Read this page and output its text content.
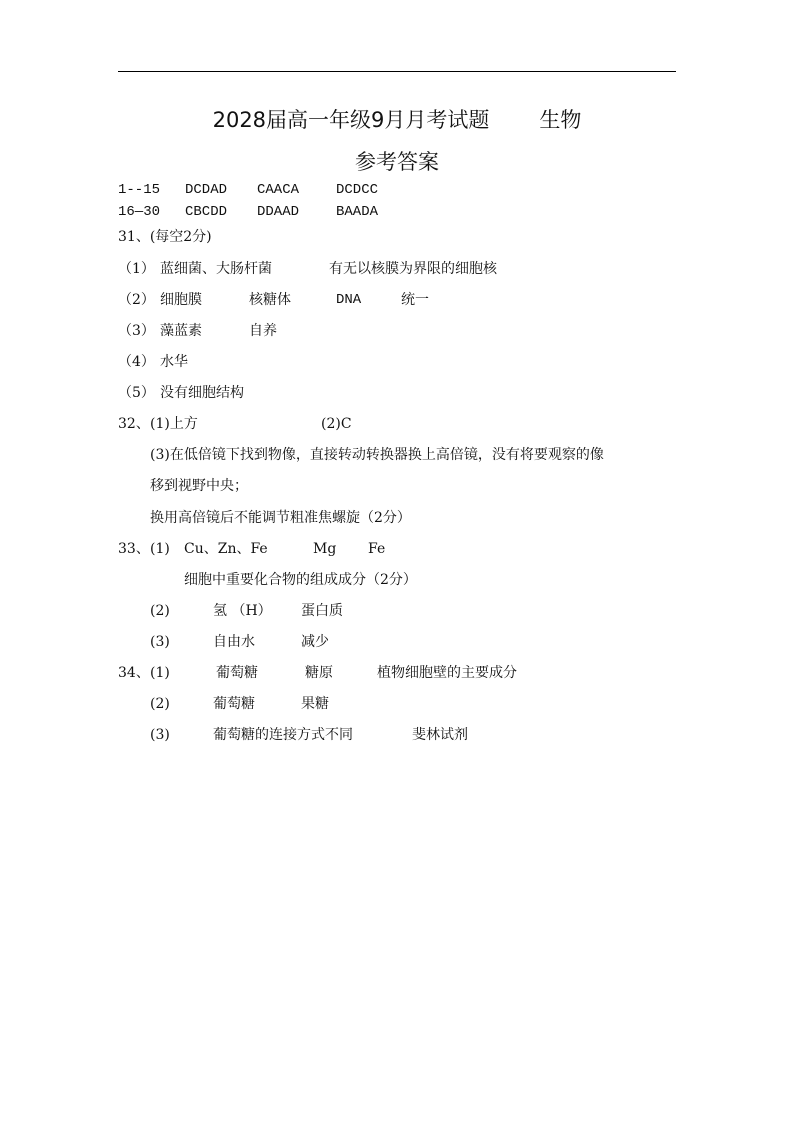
2028届高一年级9月月考试题 生物
参考答案
1--15 DCDAD CAACA	DCDCC
16—30 CBCDD DDAAD	BAADA
31、(每空2分)
（1） 蓝细菌、大肠杆菌	有无以核膜为界限的细胞核
（2） 细胞膜	核糖体	DNA	统一
（3） 藻蓝素	自养
（4） 水华
（5） 没有细胞结构
32、 (1)上方	(2)C
(3)在低倍镜下找到物像，直接转动转换器换上高倍镜，没有将要观察的像
移到视野中央；
换用高倍镜后不能调节粗准焦螺旋（2分）
33、 (1) Cu、Zn、Fe	Mg Fe
细胞中重要化合物的组成成分（2分）
(2)	氢 （H） 蛋白质
(3)	自由水	减少
34、 (1)	葡萄糖	糖原	植物细胞壁的主要成分
(2)	葡萄糖	果糖
(3)	葡萄糖的连接方式不同	斐林试剂
